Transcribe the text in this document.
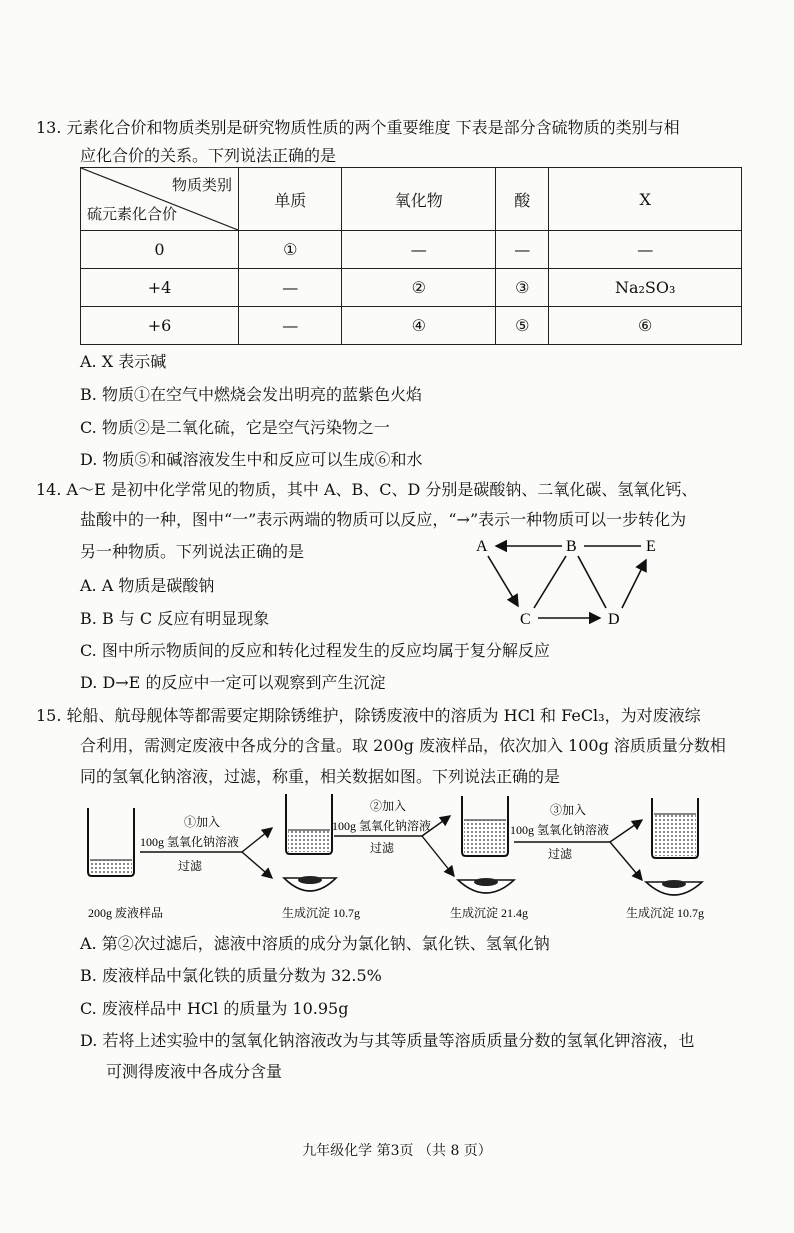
13. 元素化合价和物质类别是研究物质性质的两个重要维度 下表是部分含硫物质的类别与相
应化合价的关系。下列说法正确的是
物质类别
硫元素化合价	单质	氧化物	酸	X
0	①	—	—	—
+4	—	②	③	Na₂SO₃
+6	—	④	⑤	⑥
A. X 表示碱
B. 物质①在空气中燃烧会发出明亮的蓝紫色火焰
C. 物质②是二氧化硫，它是空气污染物之一
D. 物质⑤和碱溶液发生中和反应可以生成⑥和水
14. A～E 是初中化学常见的物质，其中 A、B、C、D 分别是碳酸钠、二氧化碳、氢氧化钙、
盐酸中的一种，图中“一”表示两端的物质可以反应，“→”表示一种物质可以一步转化为
另一种物质。下列说法正确的是	A	B	E
C	D
A. A 物质是碳酸钠
B. B 与 C 反应有明显现象
C. 图中所示物质间的反应和转化过程发生的反应均属于复分解反应
D. D→E 的反应中一定可以观察到产生沉淀
15. 轮船、航母舰体等都需要定期除锈维护，除锈废液中的溶质为 HCl 和 FeCl₃，为对废液综
合利用，需测定废液中各成分的含量。取 200g 废液样品，依次加入 100g 溶质质量分数相
同的氢氧化钠溶液，过滤，称重，相关数据如图。下列说法正确的是
200g 废液样品
①加入
100g 氢氧化钠溶液
过滤
生成沉淀 10.7g
②加入
100g 氢氧化钠溶液
过滤
生成沉淀 21.4g
③加入
100g 氢氧化钠溶液
过滤
生成沉淀 10.7g
A. 第②次过滤后，滤液中溶质的成分为氯化钠、氯化铁、氢氧化钠
B. 废液样品中氯化铁的质量分数为 32.5%
C. 废液样品中 HCl 的质量为 10.95g
D. 若将上述实验中的氢氧化钠溶液改为与其等质量等溶质质量分数的氢氧化钾溶液，也
可测得废液中各成分含量
九年级化学 第3页 （共 8 页）
